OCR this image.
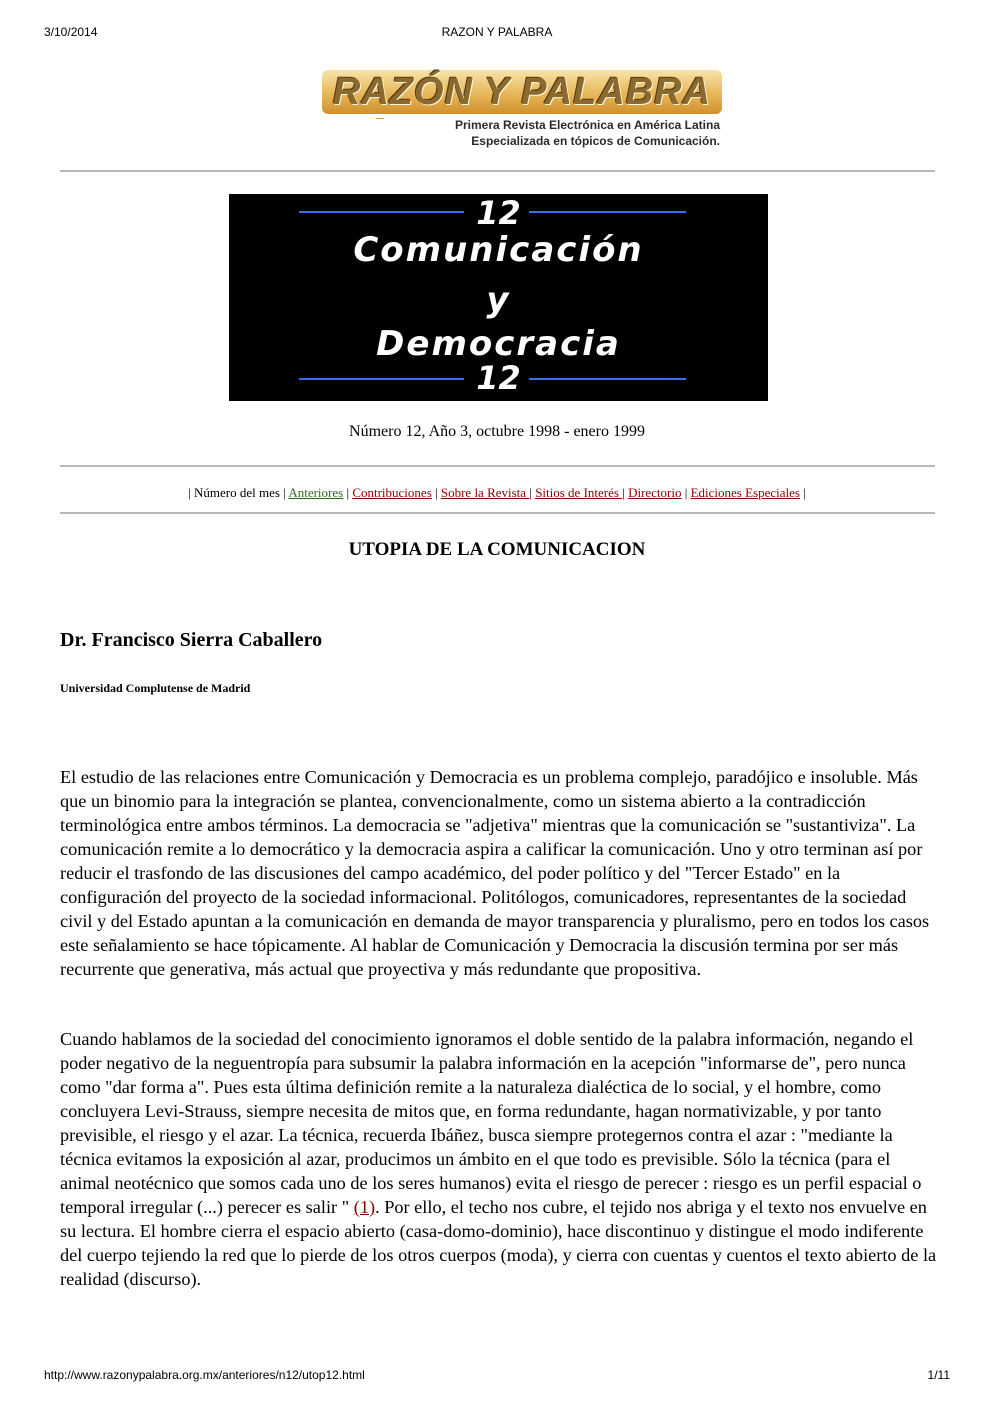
3/10/2014	RAZON Y PALABRA
RAZÓN Y PALABRA
Primera Revista Electrónica en América Latina
Especializada en tópicos de Comunicación.
12
Comunicación
y
Democracia
12
Número 12, Año 3, octubre 1998 - enero 1999
| Número del mes | Anteriores | Contribuciones | Sobre la Revista | Sitios de Interés | Directorio | Ediciones Especiales |
UTOPIA DE LA COMUNICACION
Dr. Francisco Sierra Caballero
Universidad Complutense de Madrid

El estudio de las relaciones entre Comunicación y Democracia es un problema complejo, paradójico e insoluble. Más que un binomio para la integración se plantea, convencionalmente, como un sistema abierto a la contradicción terminológica entre ambos términos. La democracia se "adjetiva" mientras que la comunicación se "sustantiviza". La comunicación remite a lo democrático y la democracia aspira a calificar la comunicación. Uno y otro terminan así por reducir el trasfondo de las discusiones del campo académico, del poder político y del "Tercer Estado" en la configuración del proyecto de la sociedad informacional. Politólogos, comunicadores, representantes de la sociedad civil y del Estado apuntan a la comunicación en demanda de mayor transparencia y pluralismo, pero en todos los casos este señalamiento se hace tópicamente. Al hablar de Comunicación y Democracia la discusión termina por ser más recurrente que generativa, más actual que proyectiva y más redundante que propositiva.

Cuando hablamos de la sociedad del conocimiento ignoramos el doble sentido de la palabra información, negando el poder negativo de la neguentropía para subsumir la palabra información en la acepción "informarse de", pero nunca como "dar forma a". Pues esta última definición remite a la naturaleza dialéctica de lo social, y el hombre, como concluyera Levi-Strauss, siempre necesita de mitos que, en forma redundante, hagan normativizable, y por tanto previsible, el riesgo y el azar. La técnica, recuerda Ibáñez, busca siempre protegernos contra el azar : "mediante la técnica evitamos la exposición al azar, producimos un ámbito en el que todo es previsible. Sólo la técnica (para el animal neotécnico que somos cada uno de los seres humanos) evita el riesgo de perecer : riesgo es un perfil espacial o temporal irregular (...) perecer es salir " (1). Por ello, el techo nos cubre, el tejido nos abriga y el texto nos envuelve en su lectura. El hombre cierra el espacio abierto (casa-domo-dominio), hace discontinuo y distingue el modo indiferente del cuerpo tejiendo la red que lo pierde de los otros cuerpos (moda), y cierra con cuentas y cuentos el texto abierto de la realidad (discurso).

http://www.razonypalabra.org.mx/anteriores/n12/utop12.html	1/11
